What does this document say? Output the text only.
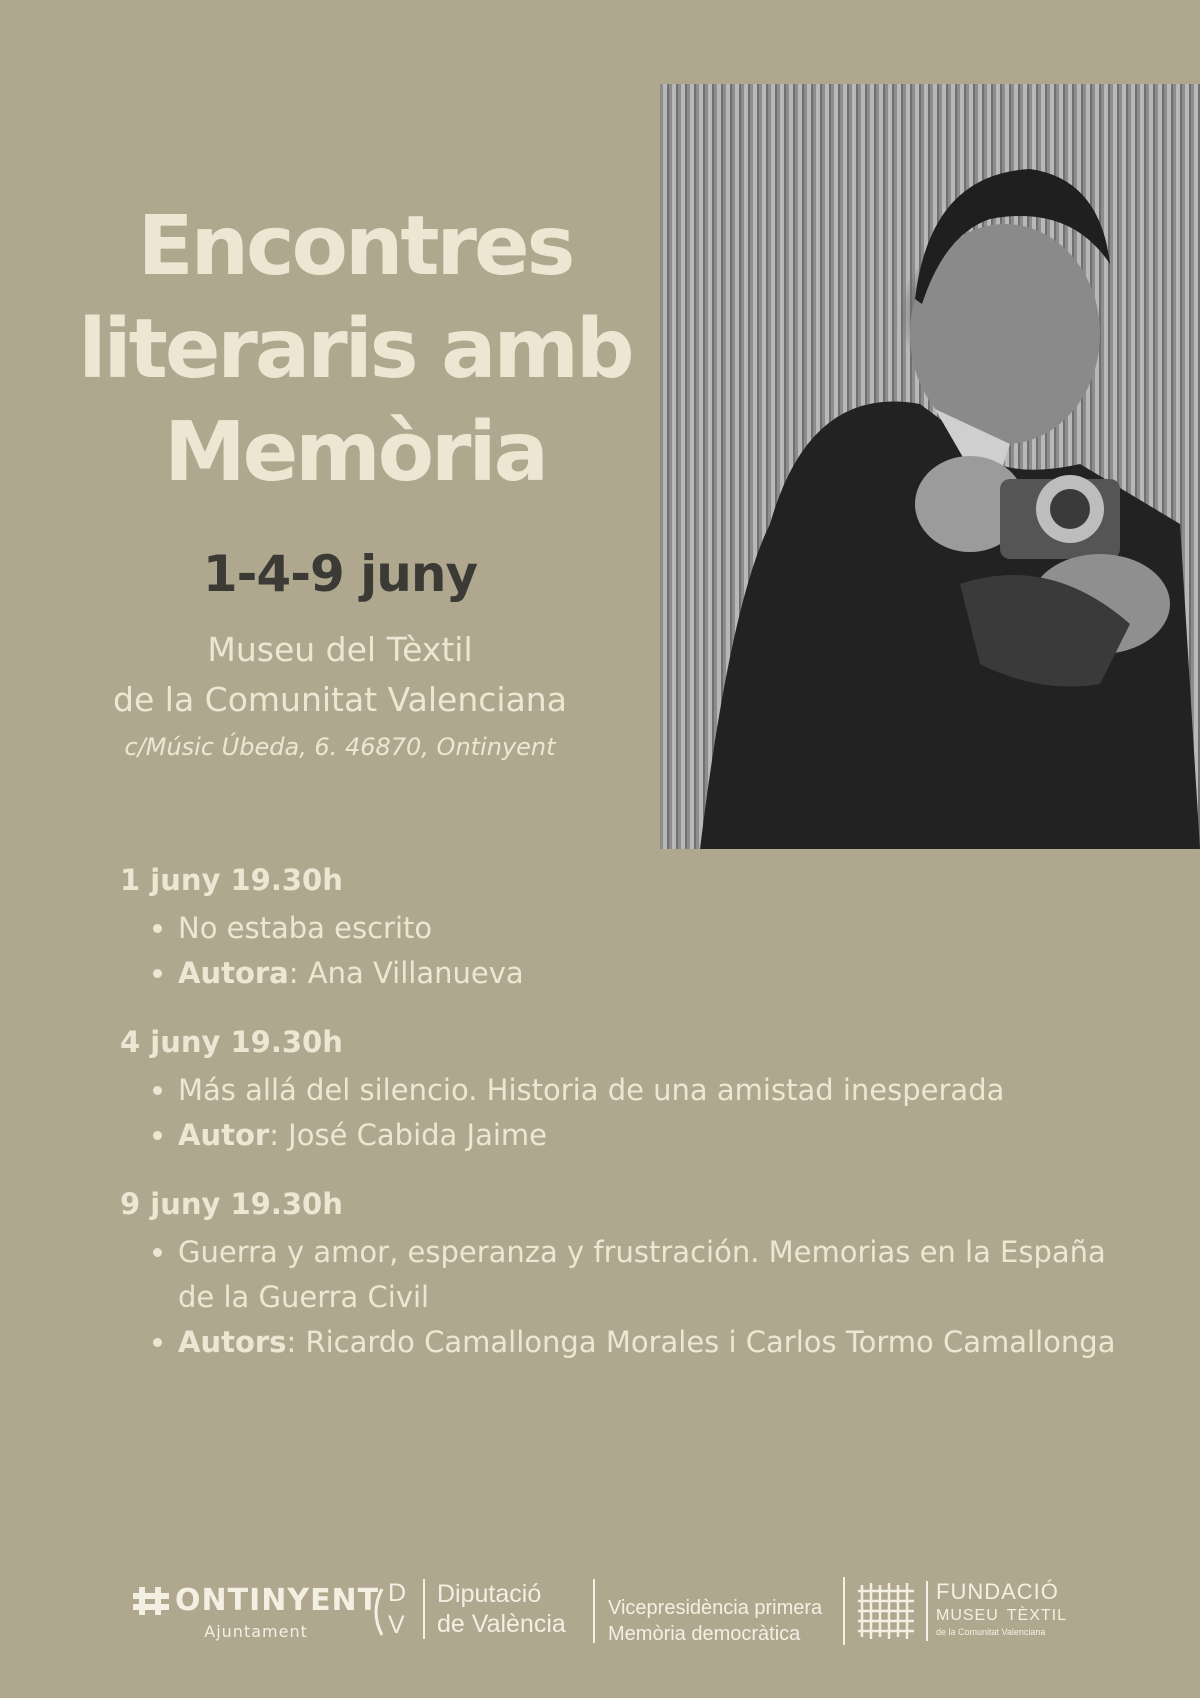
Encontres
literaris amb
Memòria
1-4-9 juny
Museu del Tèxtil
de la Comunitat Valenciana
c/Músic Úbeda, 6. 46870, Ontinyent
1 juny 19.30h
• No estaba escrito
• Autora: Ana Villanueva
4 juny 19.30h
• Más allá del silencio. Historia de una amistad inesperada
• Autor: José Cabida Jaime
9 juny 19.30h
• Guerra y amor, esperanza y frustración. Memorias en la España de la Guerra Civil
• Autors: Ricardo Camallonga Morales i Carlos Tormo Camallonga
ONTINYENT
Ajuntament
D
V
Diputació
de València
Vicepresidència primera
Memòria democràtica
FUNDACIÓ
MUSEU TÈXTIL
de la Comunitat Valenciana
